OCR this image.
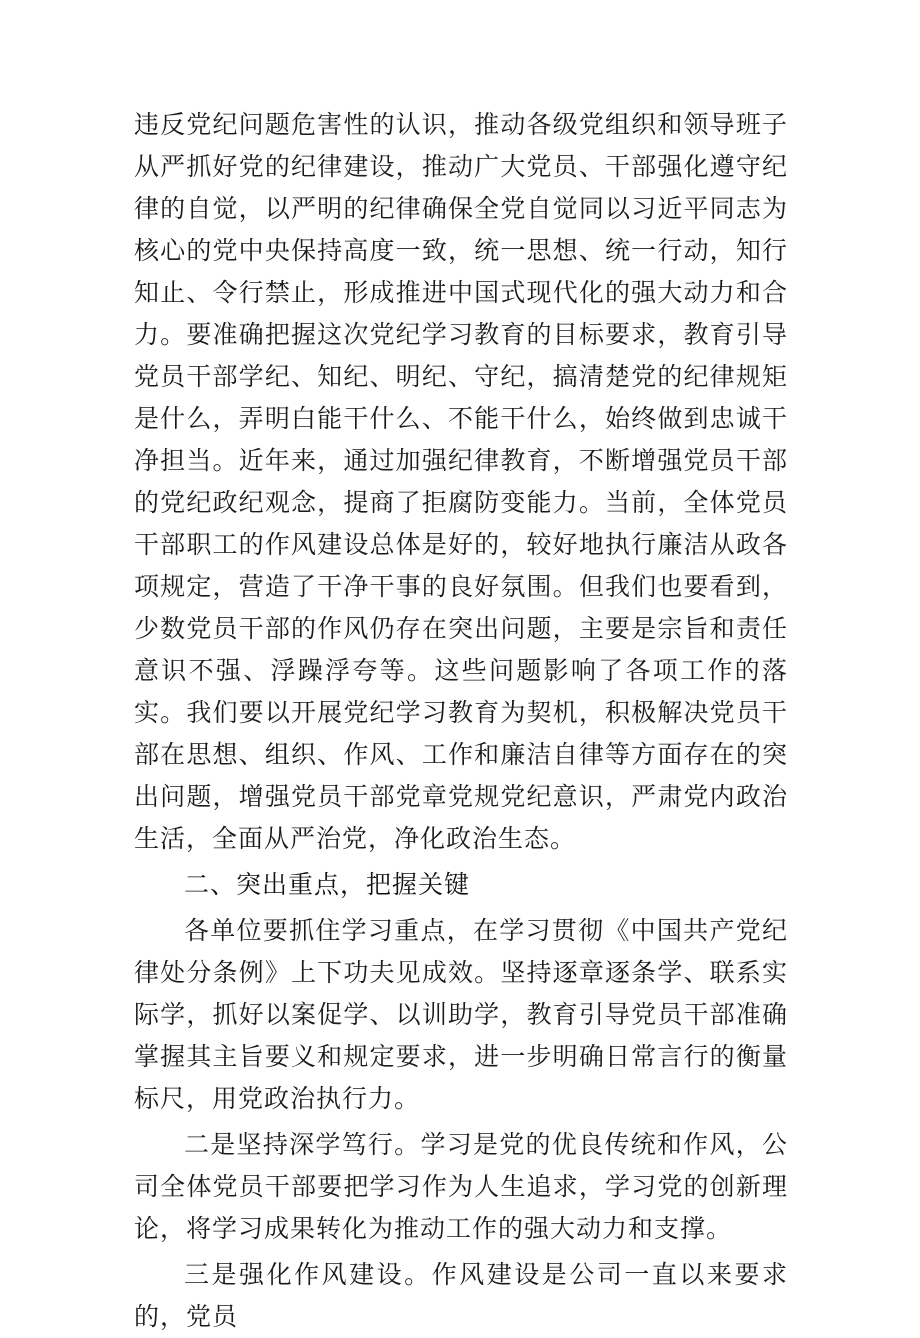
违反党纪问题危害性的认识，推动各级党组织和领导班子从严抓好党的纪律建设，推动广大党员、干部强化遵守纪律的自觉，以严明的纪律确保全党自觉同以习近平同志为核心的党中央保持高度一致，统一思想、统一行动，知行知止、令行禁止，形成推进中国式现代化的强大动力和合力。要准确把握这次党纪学习教育的目标要求，教育引导党员干部学纪、知纪、明纪、守纪，搞清楚党的纪律规矩是什么，弄明白能干什么、不能干什么，始终做到忠诚干净担当。近年来，通过加强纪律教育，不断增强党员干部的党纪政纪观念，提商了拒腐防变能力。当前，全体党员干部职工的作风建设总体是好的，较好地执行廉洁从政各项规定，营造了干净干事的良好氛围。但我们也要看到，少数党员干部的作风仍存在突出问题，主要是宗旨和责任意识不强、浮躁浮夸等。这些问题影响了各项工作的落实。我们要以开展党纪学习教育为契机，积极解决党员干部在思想、组织、作风、工作和廉洁自律等方面存在的突出问题，增强党员干部党章党规党纪意识，严肃党内政治生活，全面从严治党，净化政治生态。

二、突出重点，把握关键

各单位要抓住学习重点，在学习贯彻《中国共产党纪律处分条例》上下功夫见成效。坚持逐章逐条学、联系实际学，抓好以案促学、以训助学，教育引导党员干部准确掌握其主旨要义和规定要求，进一步明确日常言行的衡量标尺，用党政治执行力。

二是坚持深学笃行。学习是党的优良传统和作风，公司全体党员干部要把学习作为人生追求，学习党的创新理论，将学习成果转化为推动工作的强大动力和支撑。

三是强化作风建设。作风建设是公司一直以来要求的，党员
